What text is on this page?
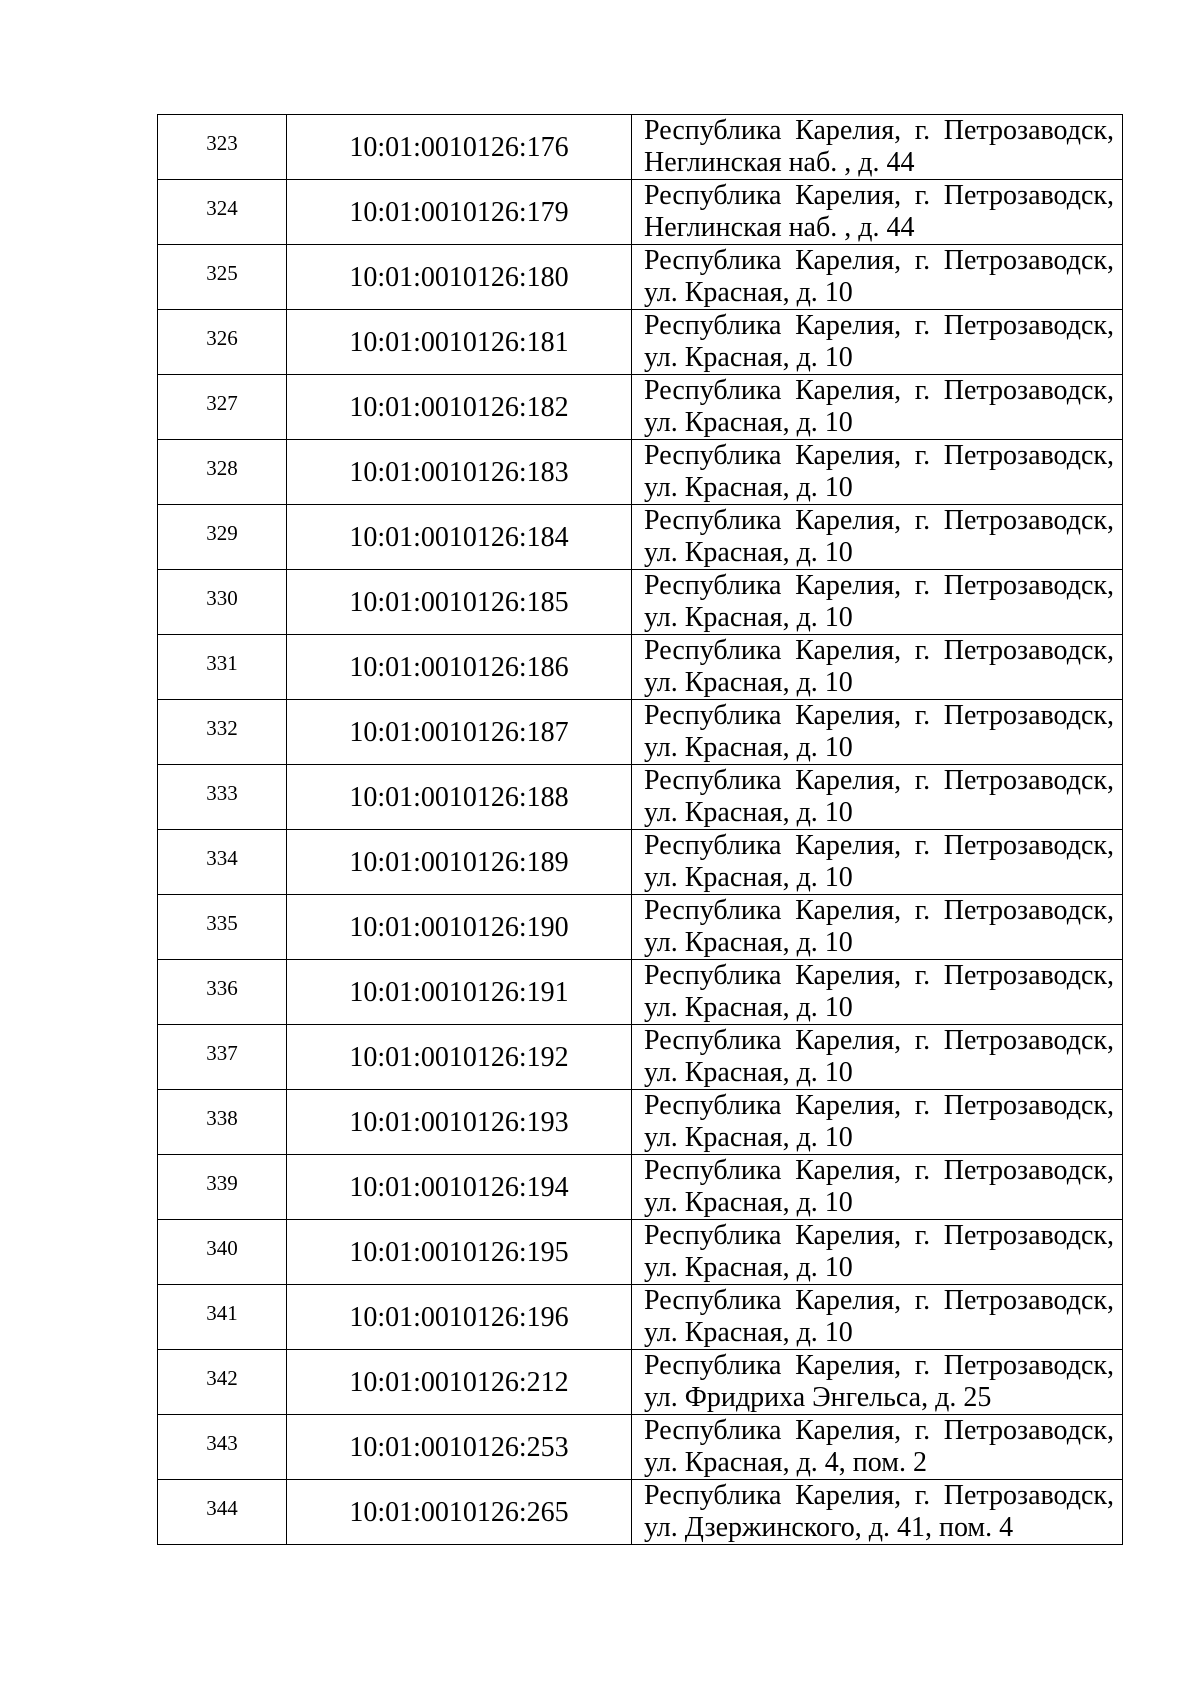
323	10:01:0010126:176	Республика Карелия, г. Петрозаводск,
Неглинская наб. , д. 44

324	10:01:0010126:179	Республика Карелия, г. Петрозаводск,
Неглинская наб. , д. 44

325	10:01:0010126:180	Республика Карелия, г. Петрозаводск,
ул. Красная, д. 10

326	10:01:0010126:181	Республика Карелия, г. Петрозаводск,
ул. Красная, д. 10

327	10:01:0010126:182	Республика Карелия, г. Петрозаводск,
ул. Красная, д. 10

328	10:01:0010126:183	Республика Карелия, г. Петрозаводск,
ул. Красная, д. 10

329	10:01:0010126:184	Республика Карелия, г. Петрозаводск,
ул. Красная, д. 10

330	10:01:0010126:185	Республика Карелия, г. Петрозаводск,
ул. Красная, д. 10

331	10:01:0010126:186	Республика Карелия, г. Петрозаводск,
ул. Красная, д. 10

332	10:01:0010126:187	Республика Карелия, г. Петрозаводск,
ул. Красная, д. 10

333	10:01:0010126:188	Республика Карелия, г. Петрозаводск,
ул. Красная, д. 10

334	10:01:0010126:189	Республика Карелия, г. Петрозаводск,
ул. Красная, д. 10

335	10:01:0010126:190	Республика Карелия, г. Петрозаводск,
ул. Красная, д. 10

336	10:01:0010126:191	Республика Карелия, г. Петрозаводск,
ул. Красная, д. 10

337	10:01:0010126:192	Республика Карелия, г. Петрозаводск,
ул. Красная, д. 10

338	10:01:0010126:193	Республика Карелия, г. Петрозаводск,
ул. Красная, д. 10

339	10:01:0010126:194	Республика Карелия, г. Петрозаводск,
ул. Красная, д. 10

340	10:01:0010126:195	Республика Карелия, г. Петрозаводск,
ул. Красная, д. 10

341	10:01:0010126:196	Республика Карелия, г. Петрозаводск,
ул. Красная, д. 10

342	10:01:0010126:212	Республика Карелия, г. Петрозаводск,
ул. Фридриха Энгельса, д. 25

343	10:01:0010126:253	Республика Карелия, г. Петрозаводск,
ул. Красная, д. 4, пом. 2

344	10:01:0010126:265	Республика Карелия, г. Петрозаводск,
ул. Дзержинского, д. 41, пом. 4
